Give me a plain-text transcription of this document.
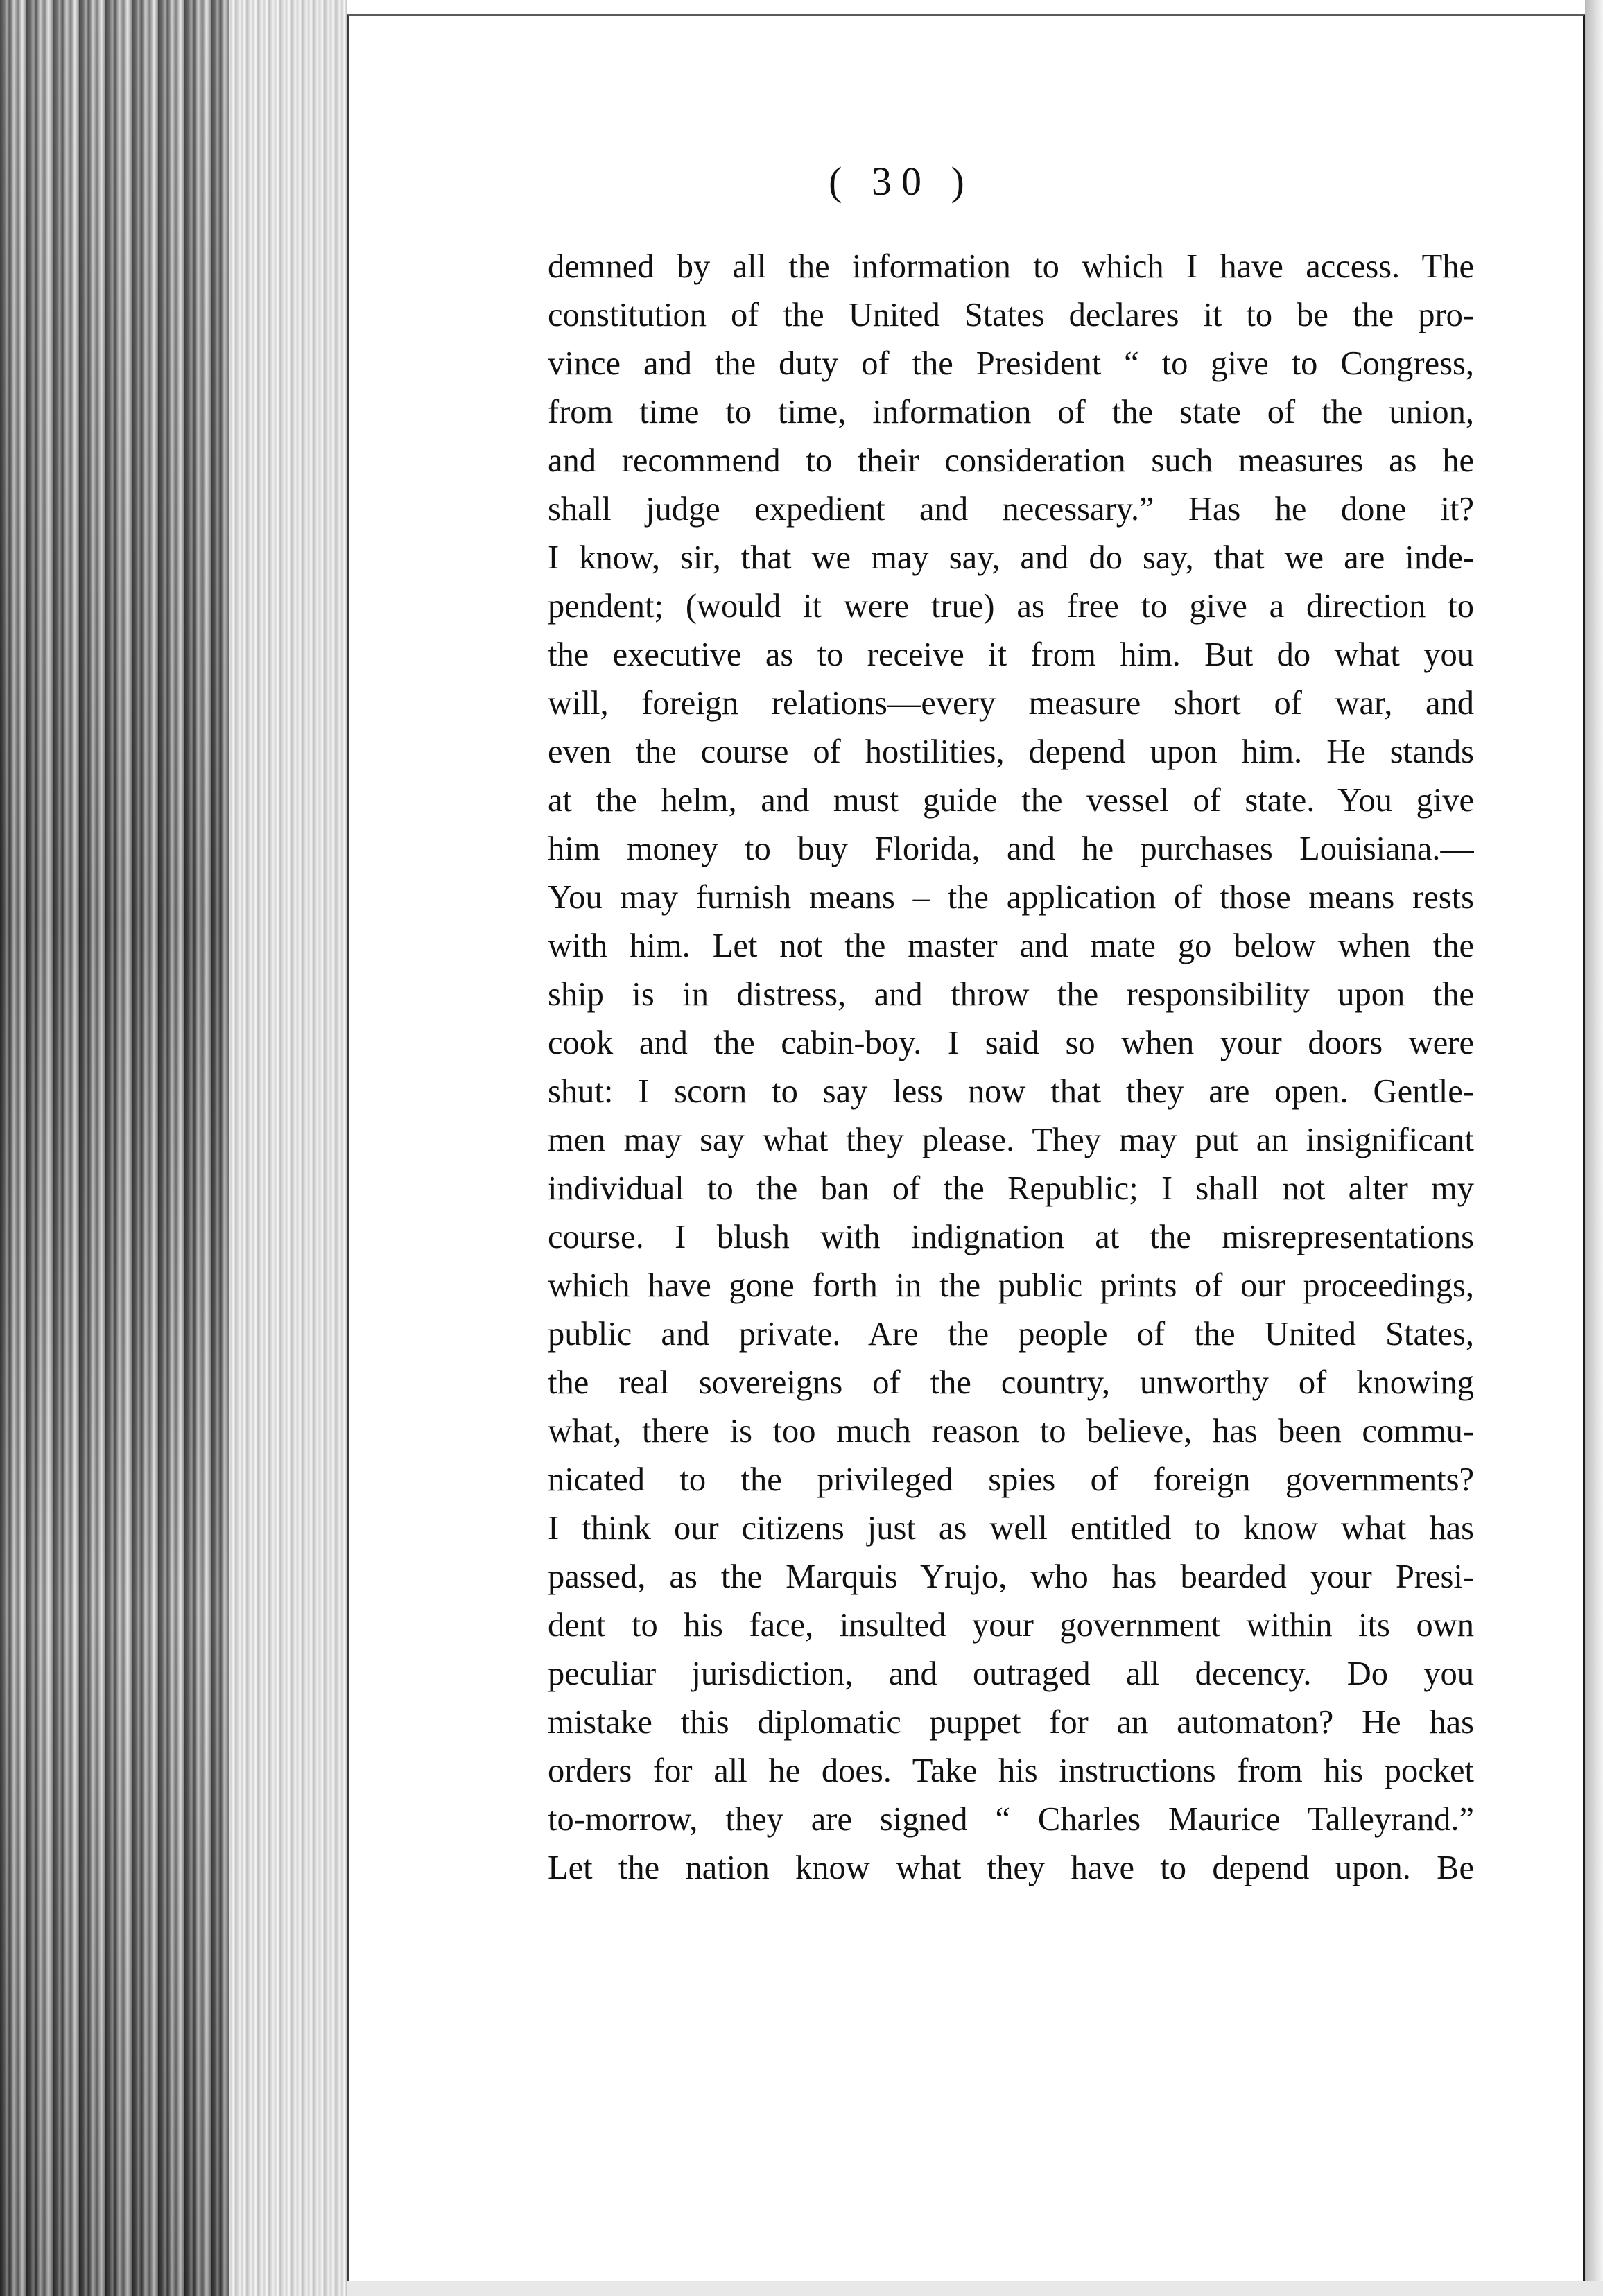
( 30 )
demned by all the information to which I have access. The
constitution of the United States declares it to be the pro-
vince and the duty of the President “ to give to Congress,
from time to time, information of the state of the union,
and recommend to their consideration such measures as he
shall judge expedient and necessary.” Has he done it?
I know, sir, that we may say, and do say, that we are inde-
pendent; (would it were true) as free to give a direction to
the executive as to receive it from him. But do what you
will, foreign relations—every measure short of war, and
even the course of hostilities, depend upon him. He stands
at the helm, and must guide the vessel of state. You give
him money to buy Florida, and he purchases Louisiana.—
You may furnish means – the application of those means rests
with him. Let not the master and mate go below when the
ship is in distress, and throw the responsibility upon the
cook and the cabin-boy. I said so when your doors were
shut: I scorn to say less now that they are open. Gentle-
men may say what they please. They may put an insignificant
individual to the ban of the Republic; I shall not alter my
course. I blush with indignation at the misrepresentations
which have gone forth in the public prints of our proceedings,
public and private. Are the people of the United States,
the real sovereigns of the country, unworthy of knowing
what, there is too much reason to believe, has been commu-
nicated to the privileged spies of foreign governments?
I think our citizens just as well entitled to know what has
passed, as the Marquis Yrujo, who has bearded your Presi-
dent to his face, insulted your government within its own
peculiar jurisdiction, and outraged all decency. Do you
mistake this diplomatic puppet for an automaton? He has
orders for all he does. Take his instructions from his pocket
to-morrow, they are signed “ Charles Maurice Talleyrand.”
Let the nation know what they have to depend upon. Be
